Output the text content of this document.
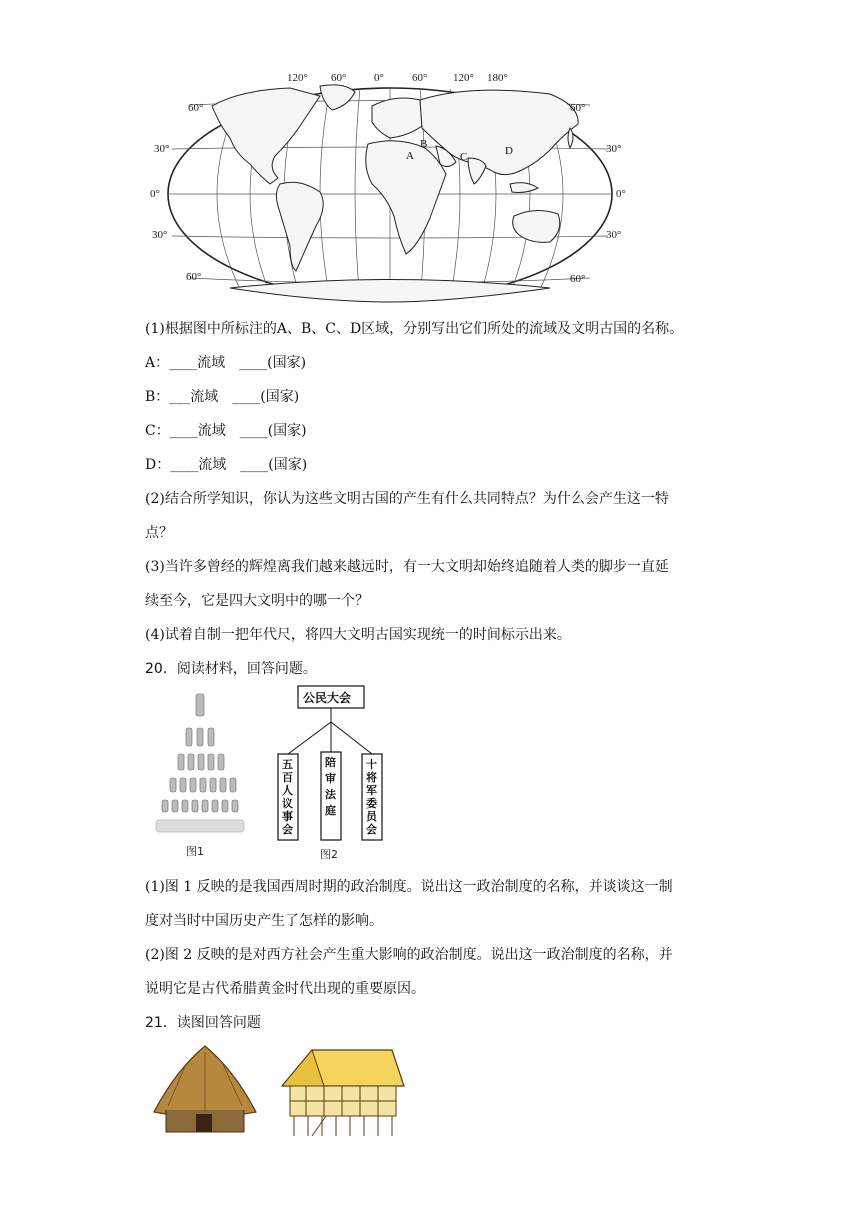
120° 60°	0°	60° 120° 180°
60°
30°
0°
30°
60°
60°
30°
0°
30°
60°
A
B
C	D
(1)根据图中所标注的A、B、C、D区域，分别写出它们所处的流域及文明古国的名称。
A：____流域 ____(国家)
B：___流域 ____(国家)
C：____流域 ____(国家)
D：____流域 ____(国家)
(2)结合所学知识，你认为这些文明古国的产生有什么共同特点？为什么会产生这一特
点？
(3)当许多曾经的辉煌离我们越来越远时，有一大文明却始终追随着人类的脚步一直延
续至今，它是四大文明中的哪一个？
(4)试着自制一把年代尺，将四大文明古国实现统一的时间标示出来。
20．阅读材料，回答问题。
图1
公民大会
五百人议事会
陪审法庭
十将军委员会
图2
(1)图 1 反映的是我国西周时期的政治制度。说出这一政治制度的名称，并谈谈这一制
度对当时中国历史产生了怎样的影响。
(2)图 2 反映的是对西方社会产生重大影响的政治制度。说出这一政治制度的名称，并
说明它是古代希腊黄金时代出现的重要原因。
21．读图回答问题
